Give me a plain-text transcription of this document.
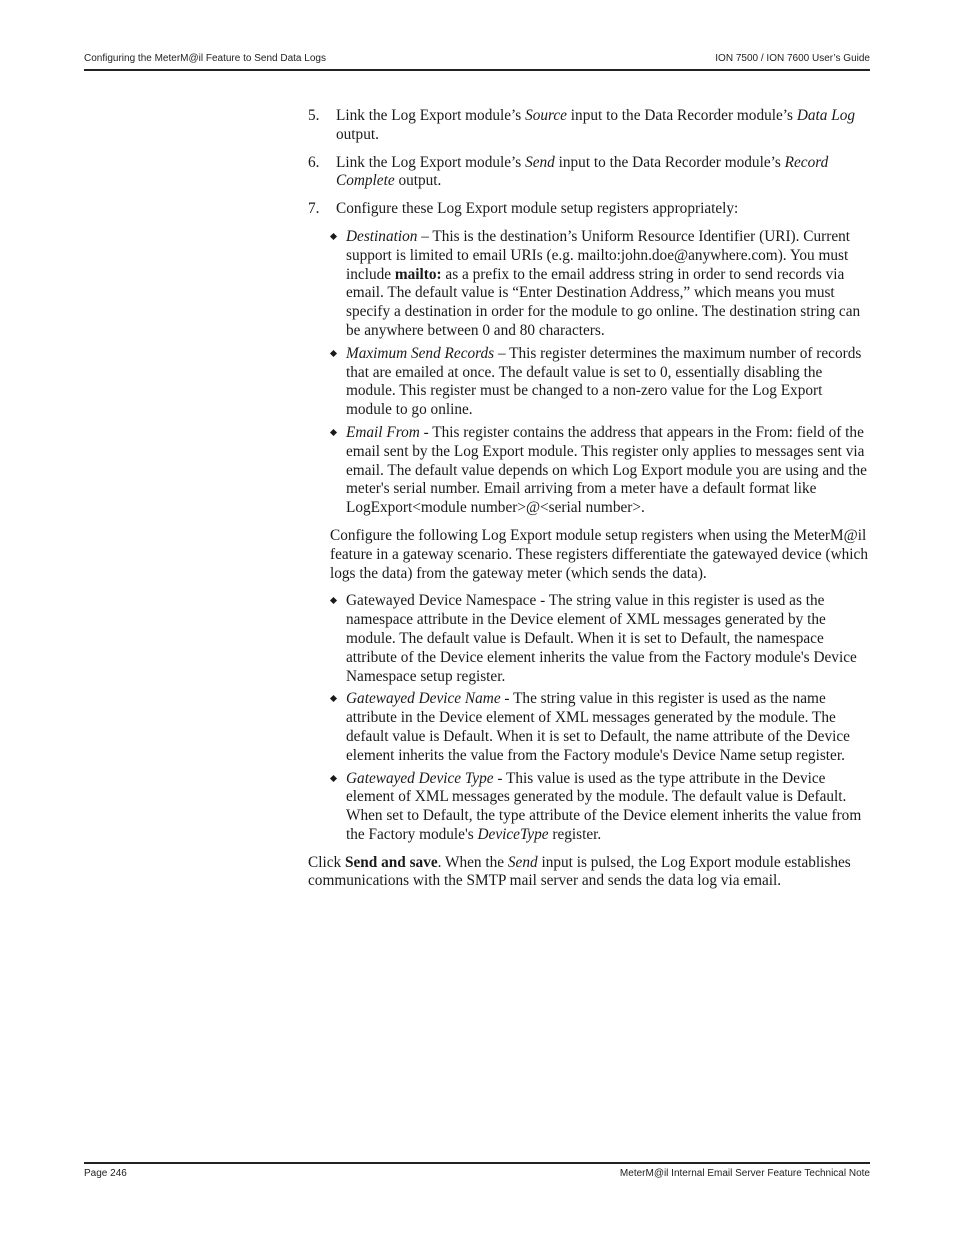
Configuring the MeterM@il Feature to Send Data Logs	ION 7500 / ION 7600 User’s Guide
5. Link the Log Export module’s Source input to the Data Recorder module’s Data Log output.
6. Link the Log Export module’s Send input to the Data Recorder module’s Record Complete output.
7. Configure these Log Export module setup registers appropriately:
Destination – This is the destination’s Uniform Resource Identifier (URI). Current support is limited to email URIs (e.g. mailto:john.doe@anywhere.com). You must include mailto: as a prefix to the email address string in order to send records via email. The default value is “Enter Destination Address,” which means you must specify a destination in order for the module to go online. The destination string can be anywhere between 0 and 80 characters.
Maximum Send Records – This register determines the maximum number of records that are emailed at once. The default value is set to 0, essentially disabling the module. This register must be changed to a non-zero value for the Log Export module to go online.
Email From - This register contains the address that appears in the From: field of the email sent by the Log Export module. This register only applies to messages sent via email. The default value depends on which Log Export module you are using and the meter's serial number. Email arriving from a meter have a default format like LogExport<module number>@<serial number>.

Configure the following Log Export module setup registers when using the MeterM@il feature in a gateway scenario. These registers differentiate the gatewayed device (which logs the data) from the gateway meter (which sends the data).

Gatewayed Device Namespace - The string value in this register is used as the namespace attribute in the Device element of XML messages generated by the module. The default value is Default. When it is set to Default, the namespace attribute of the Device element inherits the value from the Factory module's Device Namespace setup register.
Gatewayed Device Name - The string value in this register is used as the name attribute in the Device element of XML messages generated by the module. The default value is Default. When it is set to Default, the name attribute of the Device element inherits the value from the Factory module's Device Name setup register.
Gatewayed Device Type - This value is used as the type attribute in the Device element of XML messages generated by the module. The default value is Default. When set to Default, the type attribute of the Device element inherits the value from the Factory module's DeviceType register.

Click Send and save. When the Send input is pulsed, the Log Export module establishes communications with the SMTP mail server and sends the data log via email.

Page 246	MeterM@il Internal Email Server Feature Technical Note
